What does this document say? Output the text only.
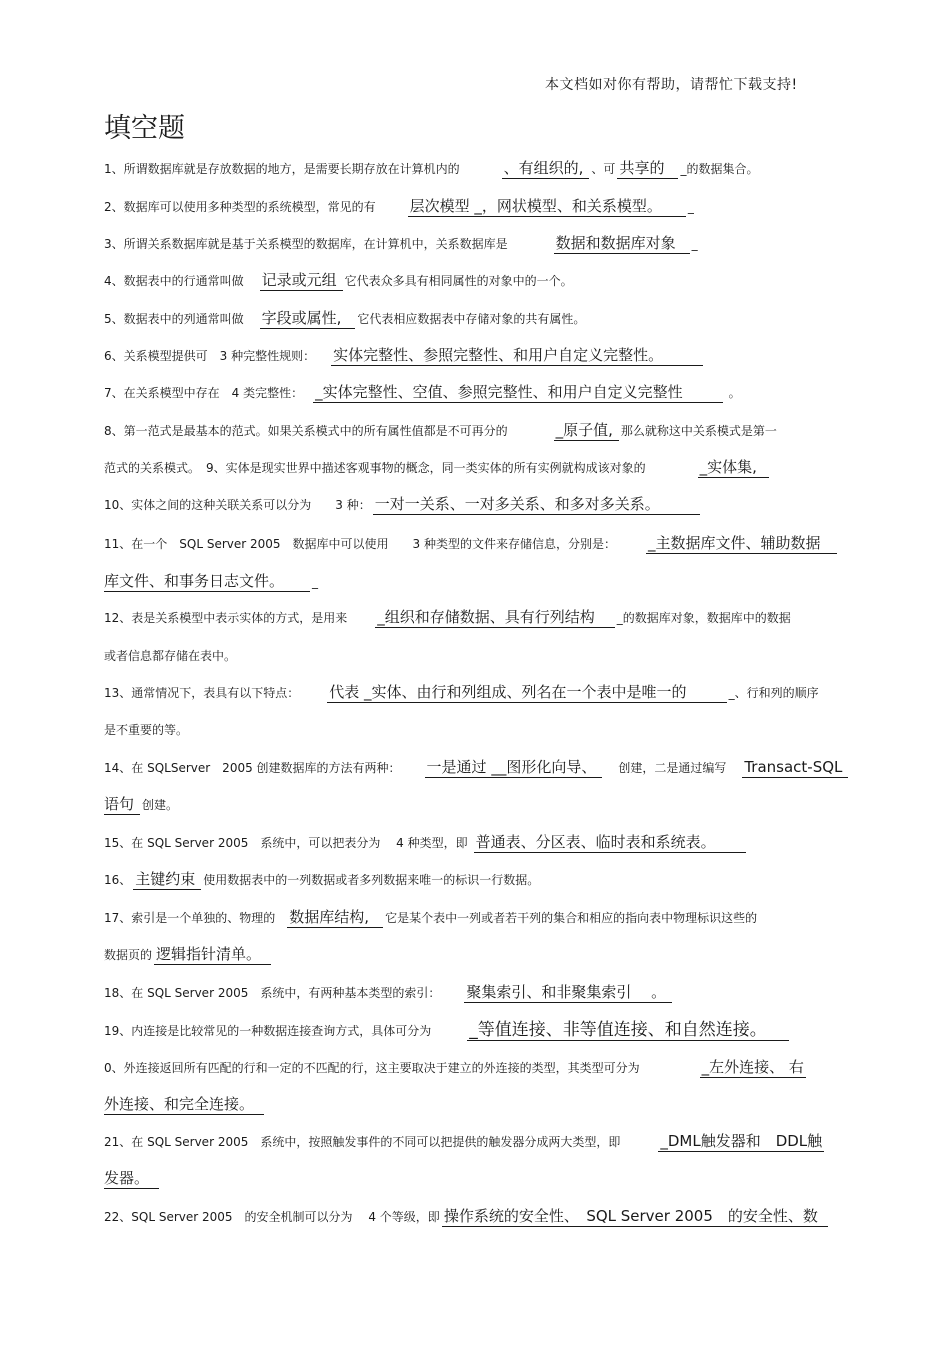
本文档如对你有帮助，请帮忙下载支持!
填空题
1、所谓数据库就是存放数据的地方，是需要长期存放在计算机内的	、有组织的, 、可 共享的 _的数据集合。
2、数据库可以使用多种类型的系统模型，常见的有 层次模型 _，网状模型、和关系模型。 _
3、所谓关系数据库就是基于关系模型的数据库，在计算机中，关系数据库是	数据和数据库对象 _
4、数据表中的行通常叫做 记录或元组 它代表众多具有相同属性的对象中的一个。
5、数据表中的列通常叫做 字段或属性, 它代表相应数据表中存储对象的共有属性。
6、关系模型提供可　3 种完整性规则： 实体完整性、参照完整性、和用户自定义完整性。
7、在关系模型中存在　4 类完整性： _实体完整性、空值、参照完整性、和用户自定义完整性	。
8、第一范式是最基本的范式。如果关系模式中的所有属性值都是不可再分的	_原子值, 那么就称这中关系模式是第一
范式的关系模式。　9、实体是现实世界中描述客观事物的概念，同一类实体的所有实例就构成该对象的	_实体集,
10、实体之间的这种关联关系可以分为　　3 种： 一对一关系、一对多关系、和多对多关系。
11、在一个　SQL Server 2005　数据库中可以使用　　3 种类型的文件来存储信息，分别是： _主数据库文件、辅助数据
库文件、和事务日志文件。 _
12、表是关系模型中表示实体的方式，是用来 _组织和存储数据、具有行列结构 _的数据库对象，数据库中的数据
或者信息都存储在表中。
13、通常情况下，表具有以下特点： 代表 _实体、由行和列组成、列名在一个表中是唯一的	_、行和列的顺序
是不重要的等。
14、在 SQLServer　2005 创建数据库的方法有两种： 一是通过 __图形化向导、 创建，二是通过编写 Transact-SQL
语句 创建。
15、在 SQL Server 2005　系统中，可以把表分为　 4 种类型，即 普通表、分区表、临时表和系统表。
16、 主键约束 使用数据表中的一列数据或者多列数据来唯一的标识一行数据。
17、索引是一个单独的、物理的 数据库结构, 它是某个表中一列或者若干列的集合和相应的指向表中物理标识这些的
数据页的 逻辑指针清单。
18、在 SQL Server 2005　系统中，有两种基本类型的索引： 聚集索引、和非聚集索引　 。
19、内连接是比较常见的一种数据连接查询方式，具体可分为 _等值连接、非等值连接、和自然连接。
0、外连接返回所有匹配的行和一定的不匹配的行，这主要取决于建立的外连接的类型，其类型可分为	_左外连接、 右
外连接、和完全连接。
21、在 SQL Server 2005　系统中，按照触发事件的不同可以把提供的触发器分成两大类型，即	_DML触发器和　DDL触
发器。
22、SQL Server 2005　的安全机制可以分为　 4 个等级，即 操作系统的安全性、　SQL Server 2005　的安全性、数
